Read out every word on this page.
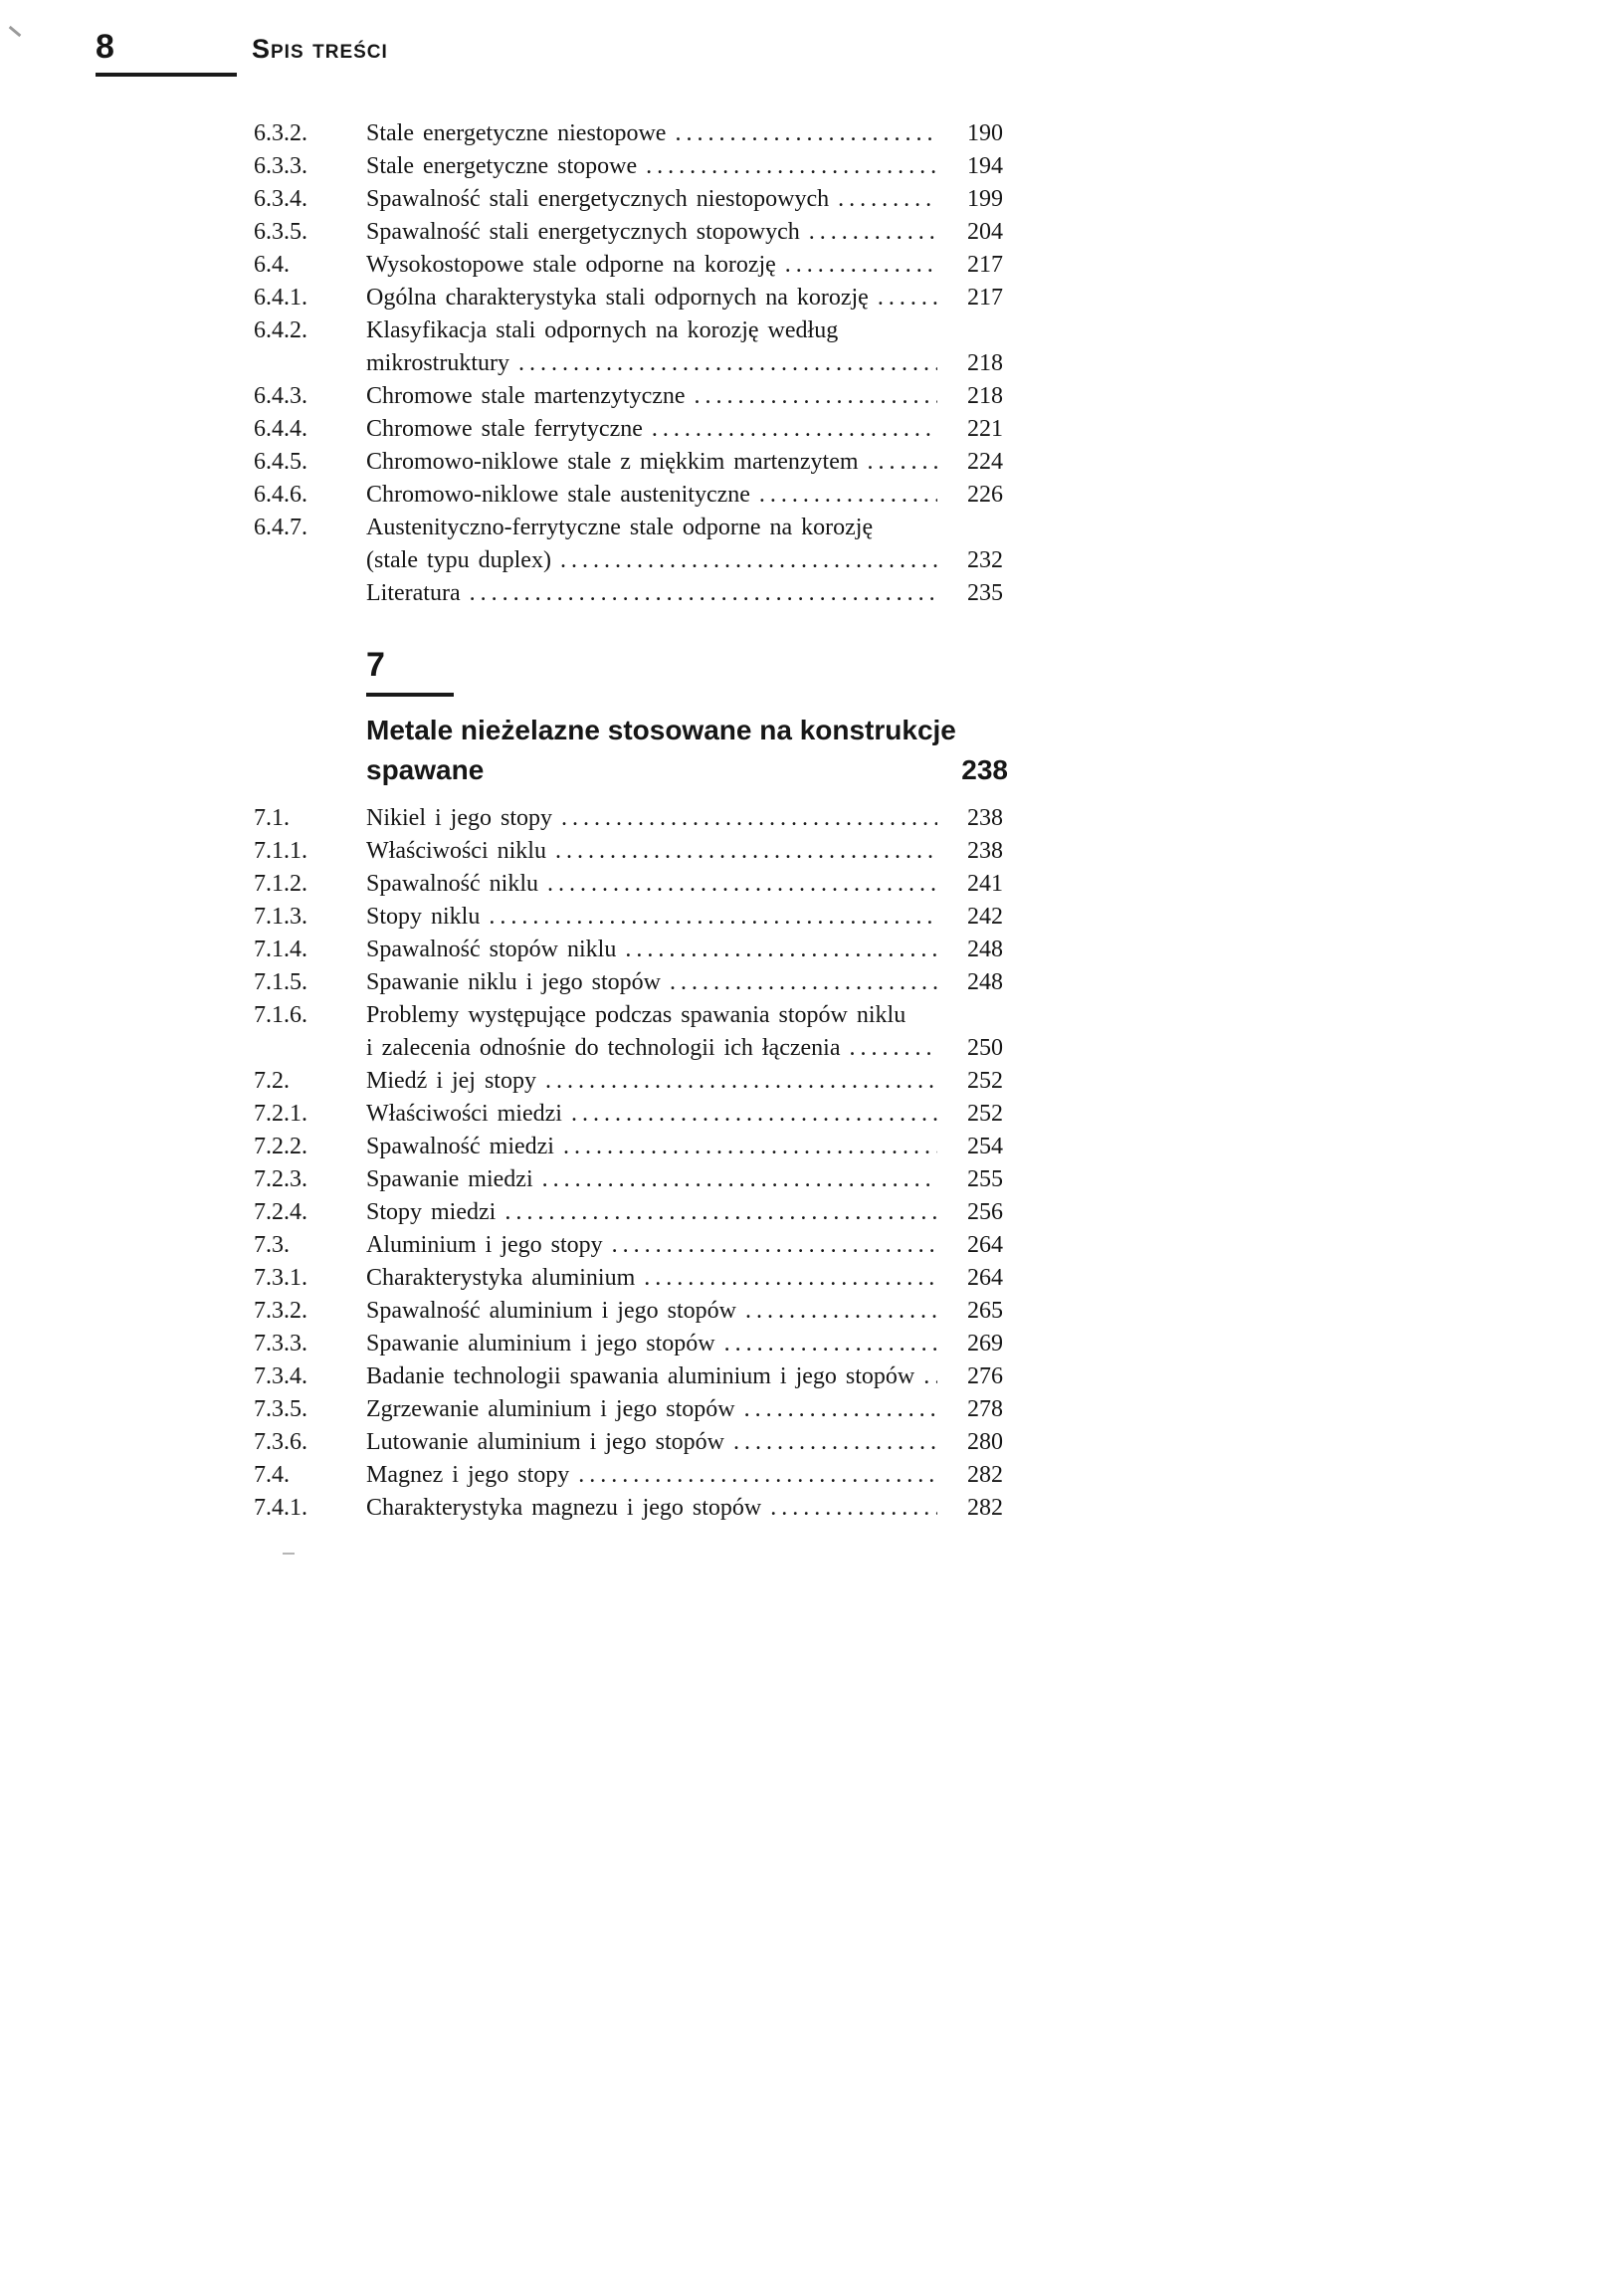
8	Spis treści
6.3.2.	Stale energetyczne niestopowe .....	190
6.3.3.	Stale energetyczne stopowe .....	194
6.3.4.	Spawalność stali energetycznych niestopowych .....	199
6.3.5.	Spawalność stali energetycznych stopowych .....	204
6.4.	Wysokostopowe stale odporne na korozję .....	217
6.4.1.	Ogólna charakterystyka stali odpornych na korozję .....	217
6.4.2.	Klasyfikacja stali odpornych na korozję według
mikrostruktury .....	218
6.4.3.	Chromowe stale martenzytyczne .....	218
6.4.4.	Chromowe stale ferrytyczne .....	221
6.4.5.	Chromowo-niklowe stale z miękkim martenzytem .....	224
6.4.6.	Chromowo-niklowe stale austenityczne .....	226
6.4.7.	Austenityczno-ferrytyczne stale odporne na korozję
(stale typu duplex) .....	232
Literatura .....	235
7
Metale nieżelazne stosowane na konstrukcje
spawane	238
7.1.	Nikiel i jego stopy .....	238
7.1.1.	Właściwości niklu .....	238
7.1.2.	Spawalność niklu .....	241
7.1.3.	Stopy niklu .....	242
7.1.4.	Spawalność stopów niklu .....	248
7.1.5.	Spawanie niklu i jego stopów .....	248
7.1.6.	Problemy występujące podczas spawania stopów niklu
i zalecenia odnośnie do technologii ich łączenia .....	250
7.2.	Miedź i jej stopy .....	252
7.2.1.	Właściwości miedzi .....	252
7.2.2.	Spawalność miedzi .....	254
7.2.3.	Spawanie miedzi .....	255
7.2.4.	Stopy miedzi .....	256
7.3.	Aluminium i jego stopy .....	264
7.3.1.	Charakterystyka aluminium .....	264
7.3.2.	Spawalność aluminium i jego stopów .....	265
7.3.3.	Spawanie aluminium i jego stopów .....	269
7.3.4.	Badanie technologii spawania aluminium i jego stopów .....	276
7.3.5.	Zgrzewanie aluminium i jego stopów .....	278
7.3.6.	Lutowanie aluminium i jego stopów .....	280
7.4.	Magnez i jego stopy .....	282
7.4.1.	Charakterystyka magnezu i jego stopów .....	282
